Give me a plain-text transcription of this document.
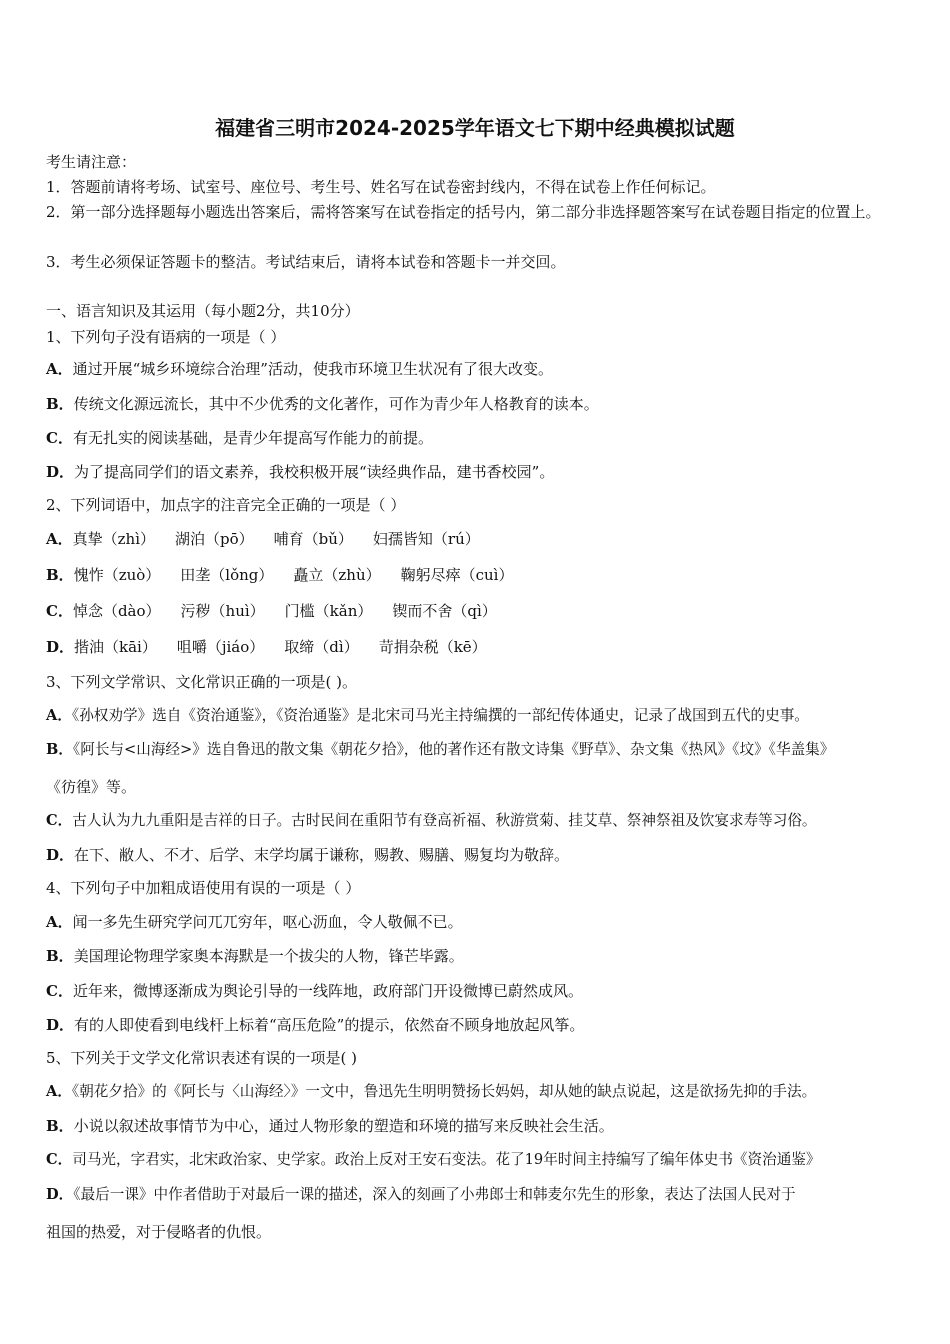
福建省三明市2024-2025学年语文七下期中经典模拟试题
考生请注意：
1．答题前请将考场、试室号、座位号、考生号、姓名写在试卷密封线内，不得在试卷上作任何标记。
2．第一部分选择题每小题选出答案后，需将答案写在试卷指定的括号内，第二部分非选择题答案写在试卷题目指定的位置上。
3．考生必须保证答题卡的整洁。考试结束后，请将本试卷和答题卡一并交回。
一、语言知识及其运用（每小题2分，共10分）
1、下列句子没有语病的一项是（ ）
A．通过开展“城乡环境综合治理”活动，使我市环境卫生状况有了很大改变。
B．传统文化源远流长，其中不少优秀的文化著作，可作为青少年人格教育的读本。
C．有无扎实的阅读基础，是青少年提高写作能力的前提。
D．为了提高同学们的语文素养，我校积极开展“读经典作品，建书香校园”。
2、下列词语中，加点字的注音完全正确的一项是（ ）
A．真挚（zhì） 湖泊（pō） 哺育（bǔ） 妇孺皆知（rú）
B．愧怍（zuò） 田垄（lǒng） 矗立（zhù） 鞠躬尽瘁（cuì）
C．悼念（dào） 污秽（huì） 门槛（kǎn） 锲而不舍（qì）
D．揩油（kāi） 咀嚼（jiáo） 取缔（dì） 苛捐杂税（kē）
3、下列文学常识、文化常识正确的一项是( )。
A．《孙权劝学》选自《资治通鉴》，《资治通鉴》是北宋司马光主持编撰的一部纪传体通史，记录了战国到五代的史事。
B．《阿长与<山海经>》选自鲁迅的散文集《朝花夕拾》，他的著作还有散文诗集《野草》、杂文集《热风》《坟》《华盖集》
《彷徨》等。
C．古人认为九九重阳是吉祥的日子。古时民间在重阳节有登高祈福、秋游赏菊、挂艾草、祭神祭祖及饮宴求寿等习俗。
D．在下、敝人、不才、后学、末学均属于谦称，赐教、赐膳、赐复均为敬辞。
4、下列句子中加粗成语使用有误的一项是（ ）
A．闻一多先生研究学问兀兀穷年，呕心沥血，令人敬佩不已。
B．美国理论物理学家奥本海默是一个拔尖的人物，锋芒毕露。
C．近年来，微博逐渐成为舆论引导的一线阵地，政府部门开设微博已蔚然成风。
D．有的人即使看到电线杆上标着“高压危险”的提示，依然奋不顾身地放起风筝。
5、下列关于文学文化常识表述有误的一项是( )
A．《朝花夕拾》的《阿长与〈山海经〉》一文中，鲁迅先生明明赞扬长妈妈，却从她的缺点说起，这是欲扬先抑的手法。
B．小说以叙述故事情节为中心，通过人物形象的塑造和环境的描写来反映社会生活。
C．司马光，字君实，北宋政治家、史学家。政治上反对王安石变法。花了19年时间主持编写了编年体史书《资治通鉴》
D．《最后一课》中作者借助于对最后一课的描述，深入的刻画了小弗郎士和韩麦尔先生的形象，表达了法国人民对于
祖国的热爱，对于侵略者的仇恨。
